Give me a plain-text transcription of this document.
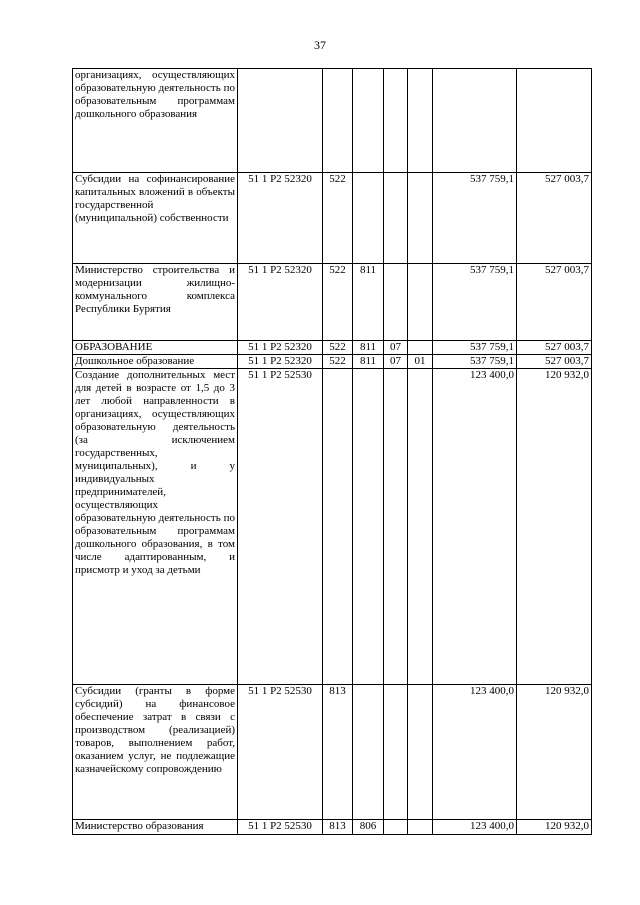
37
организациях, осуществляющих образовательную деятельность по образовательным программам дошкольного образования							
Субсидии на софинансирование капитальных вложений в объекты государственной (муниципальной) собственности	51 1 Р2 52320	522				537 759,1	527 003,7
Министерство строительства и модернизации жилищно-коммунального комплекса Республики Бурятия	51 1 Р2 52320	522	811			537 759,1	527 003,7
ОБРАЗОВАНИЕ	51 1 Р2 52320	522	811	07		537 759,1	527 003,7
Дошкольное образование	51 1 Р2 52320	522	811	07	01	537 759,1	527 003,7
Создание дополнительных мест для детей в возрасте от 1,5 до 3 лет любой направленности в организациях, осуществляющих образовательную деятельность (за исключением государственных, муниципальных), и у индивидуальных предпринимателей, осуществляющих образовательную деятельность по образовательным программам дошкольного образования, в том числе адаптированным, и присмотр и уход за детьми	51 1 Р2 52530					123 400,0	120 932,0
Субсидии (гранты в форме субсидий) на финансовое обеспечение затрат в связи с производством (реализацией) товаров, выполнением работ, оказанием услуг, не подлежащие казначейскому сопровождению	51 1 Р2 52530	813				123 400,0	120 932,0
Министерство образования	51 1 Р2 52530	813	806			123 400,0	120 932,0
